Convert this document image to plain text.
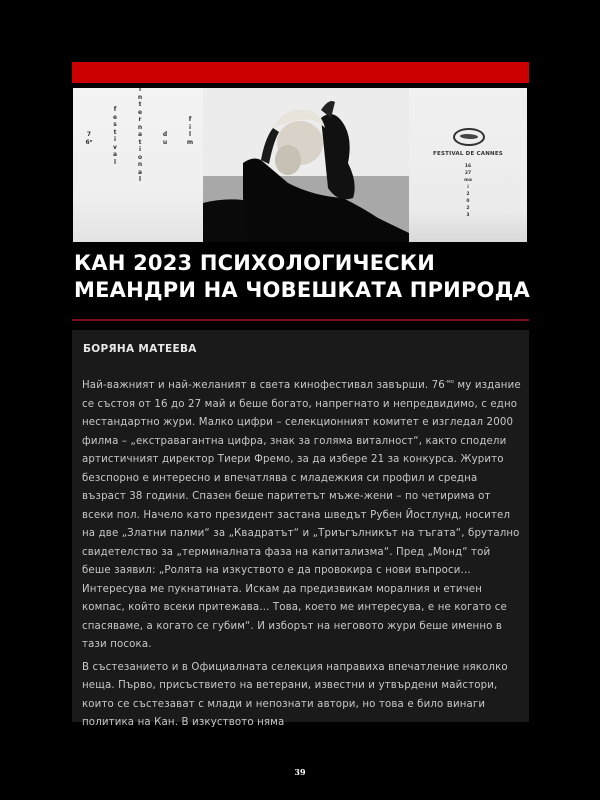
7
6ᵉ
f
e
s
t
i
v
a
l
i
n
t
e
r
n
a
t
i
o
n
a
l
d
u
f
i
l
m
FESTIVAL DE CANNES
16
27
mai
2
0
2
3
КАН 2023 ПСИХОЛОГИЧЕСКИ
МЕАНДРИ НА ЧОВЕШКАТА ПРИРОДА
БОРЯНА МАТЕЕВА

Най-важният и най-желаният в света кинофестивал завърши. $76^{-мо}$ му издание се състоя от 16 до 27 май и беше богато, напрегнато и непредвидимо, с едно нестандартно жури. Малко цифри – селекционният комитет е изгледал 2000 филма – „екстравагантна цифра, знак за голяма виталност“, както сподели артистичният директор Тиери Фремо, за да избере 21 за конкурса. Журито безспорно е интересно и впечатлява с младежкия си профил и средна възраст 38 години. Спазен беше паритетът мъже-жени – по четирима от всеки пол. Начело като президент застана шведът Рубен Йостлунд, носител на две „Златни палми“ за „Квадратът“ и „Триъгълникът на тъгата“, брутално свидетелство за „терминалната фаза на капитализма“. Пред „Монд“ той беше заявил: „Ролята на изкуството е да провокира с нови въпроси... Интересува ме пукнатината. Искам да предизвикам моралния и етичен компас, който всеки притежава... Това, което ме интересува, е не когато се спасяваме, а когато се губим“. И изборът на неговото жури беше именно в тази посока.

В състезанието и в Официалната селекция направиха впечатление няколко неща. Първо, присъствието на ветерани, известни и утвърдени майстори, които се състезават с млади и непознати автори, но това е било винаги политика на Кан. В изкуството няма

39
